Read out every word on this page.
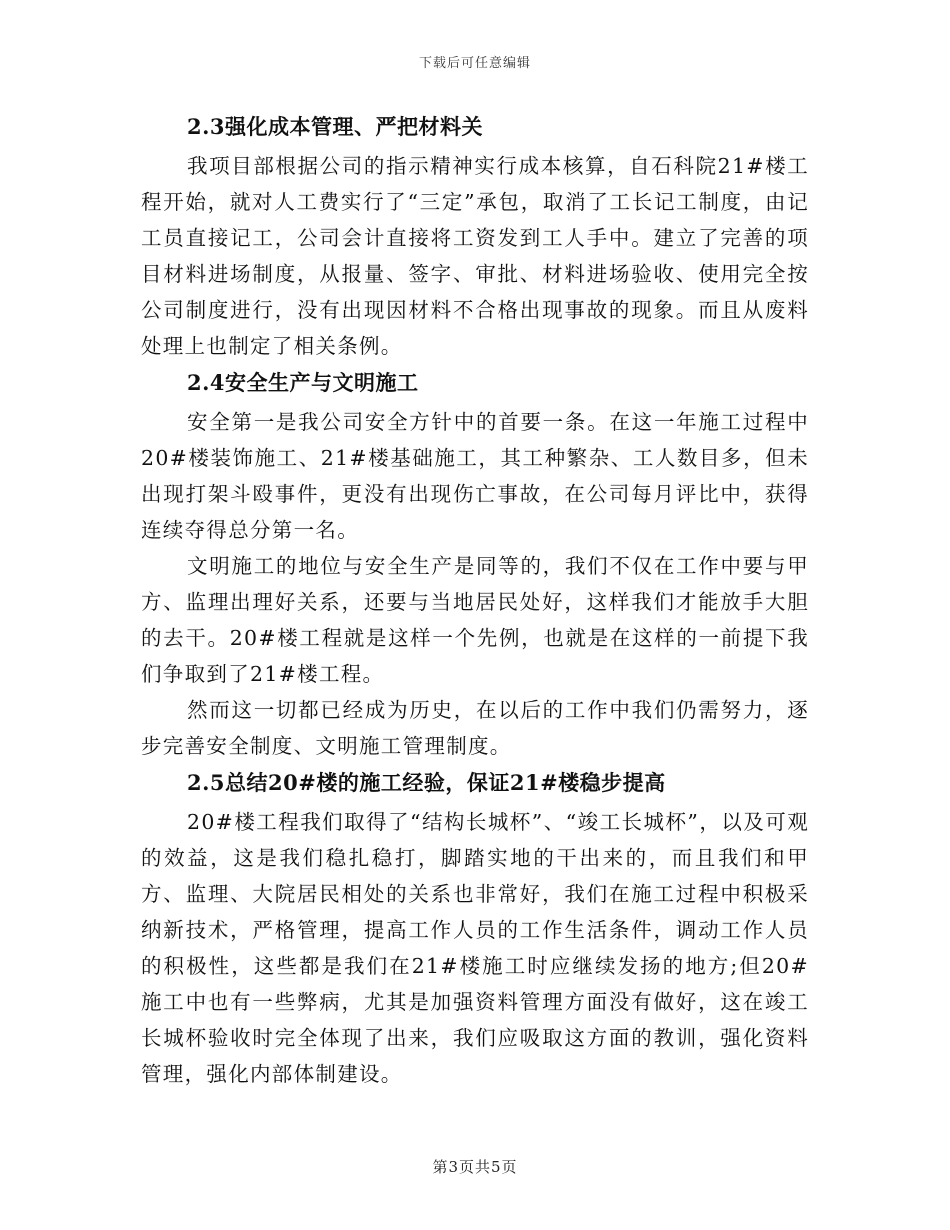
下载后可任意编辑
2.3强化成本管理、严把材料关

我项目部根据公司的指示精神实行成本核算，自石科院21#楼工程开始，就对人工费实行了“三定”承包，取消了工长记工制度，由记工员直接记工，公司会计直接将工资发到工人手中。建立了完善的项目材料进场制度，从报量、签字、审批、材料进场验收、使用完全按公司制度进行，没有出现因材料不合格出现事故的现象。而且从废料处理上也制定了相关条例。

2.4安全生产与文明施工

安全第一是我公司安全方针中的首要一条。在这一年施工过程中20#楼装饰施工、21#楼基础施工，其工种繁杂、工人数目多，但未出现打架斗殴事件，更没有出现伤亡事故，在公司每月评比中，获得连续夺得总分第一名。

文明施工的地位与安全生产是同等的，我们不仅在工作中要与甲方、监理出理好关系，还要与当地居民处好，这样我们才能放手大胆的去干。20#楼工程就是这样一个先例，也就是在这样的一前提下我们争取到了21#楼工程。

然而这一切都已经成为历史，在以后的工作中我们仍需努力，逐步完善安全制度、文明施工管理制度。

2.5总结20#楼的施工经验，保证21#楼稳步提高

20#楼工程我们取得了“结构长城杯”、“竣工长城杯”，以及可观的效益，这是我们稳扎稳打，脚踏实地的干出来的，而且我们和甲方、监理、大院居民相处的关系也非常好，我们在施工过程中积极采纳新技术，严格管理，提高工作人员的工作生活条件，调动工作人员的积极性，这些都是我们在21#楼施工时应继续发扬的地方;但20#施工中也有一些弊病，尤其是加强资料管理方面没有做好，这在竣工长城杯验收时完全体现了出来，我们应吸取这方面的教训，强化资料管理，强化内部体制建设。

第3页共5页
